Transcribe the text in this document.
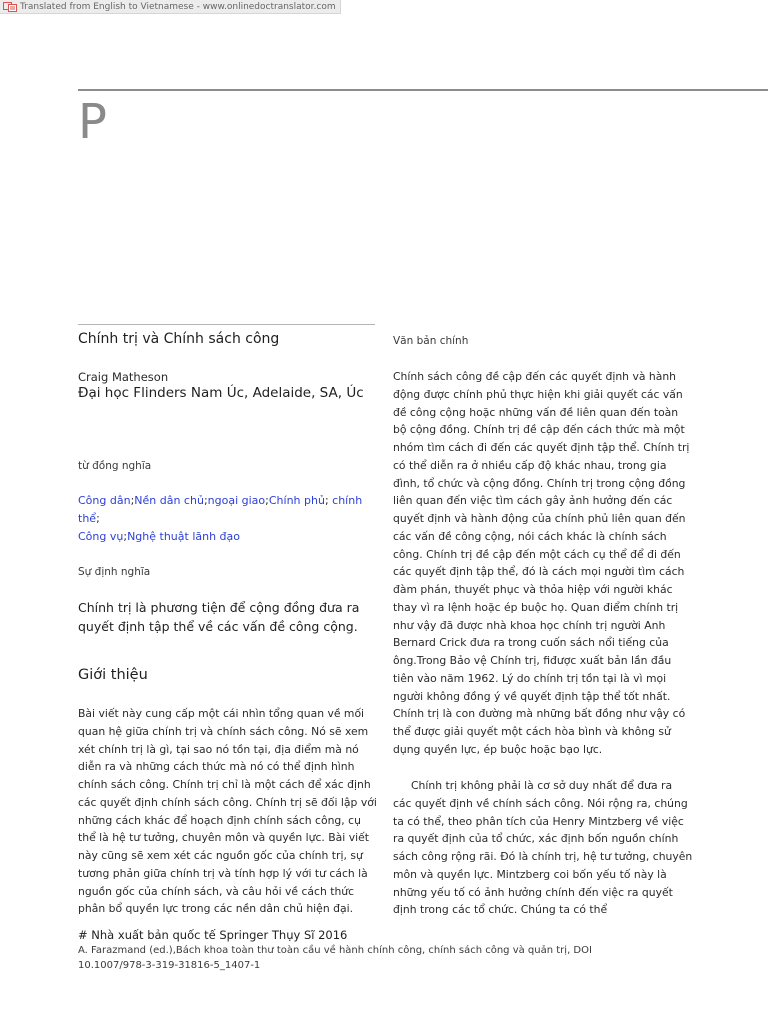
Translated from English to Vietnamese - www.onlinedoctranslator.com
P
Chính trị và Chính sách công
Craig Matheson
Đại học Flinders Nam Úc, Adelaide, SA, Úc
từ đồng nghĩa
Công dân;Nền dân chủ;ngoại giao;Chính phủ; chính thể;
Công vụ;Nghệ thuật lãnh đạo
Sự định nghĩa
Chính trị là phương tiện để cộng đồng đưa ra quyết định tập thể về các vấn đề công cộng.
Giới thiệu
Bài viết này cung cấp một cái nhìn tổng quan về mối quan hệ giữa chính trị và chính sách công. Nó sẽ xem xét chính trị là gì, tại sao nó tồn tại, địa điểm mà nó diễn ra và những cách thức mà nó có thể định hình chính sách công. Chính trị chỉ là một cách để xác định các quyết định chính sách công. Chính trị sẽ đối lập với những cách khác để hoạch định chính sách công, cụ thể là hệ tư tưởng, chuyên môn và quyền lực. Bài viết này cũng sẽ xem xét các nguồn gốc của chính trị, sự tương phản giữa chính trị và tính hợp lý với tư cách là nguồn gốc của chính sách, và câu hỏi về cách thức phân bổ quyền lực trong các nền dân chủ hiện đại.
Văn bản chính
Chính sách công đề cập đến các quyết định và hành động được chính phủ thực hiện khi giải quyết các vấn đề công cộng hoặc những vấn đề liên quan đến toàn bộ cộng đồng. Chính trị đề cập đến cách thức mà một nhóm tìm cách đi đến các quyết định tập thể. Chính trị có thể diễn ra ở nhiều cấp độ khác nhau, trong gia đình, tổ chức và cộng đồng. Chính trị trong cộng đồng liên quan đến việc tìm cách gây ảnh hưởng đến các quyết định và hành động của chính phủ liên quan đến các vấn đề công cộng, nói cách khác là chính sách công. Chính trị đề cập đến một cách cụ thể để đi đến các quyết định tập thể, đó là cách mọi người tìm cách đàm phán, thuyết phục và thỏa hiệp với người khác thay vì ra lệnh hoặc ép buộc họ. Quan điểm chính trị như vậy đã được nhà khoa học chính trị người Anh Bernard Crick đưa ra trong cuốn sách nổi tiếng của ông.Trong Bảo vệ Chính trị, fiđược xuất bản lần đầu tiên vào năm 1962. Lý do chính trị tồn tại là vì mọi người không đồng ý về quyết định tập thể tốt nhất. Chính trị là con đường mà những bất đồng như vậy có thể được giải quyết một cách hòa bình và không sử dụng quyền lực, ép buộc hoặc bạo lực.
Chính trị không phải là cơ sở duy nhất để đưa ra các quyết định về chính sách công. Nói rộng ra, chúng ta có thể, theo phân tích của Henry Mintzberg về việc ra quyết định của tổ chức, xác định bốn nguồn chính sách công rộng rãi. Đó là chính trị, hệ tư tưởng, chuyên môn và quyền lực. Mintzberg coi bốn yếu tố này là những yếu tố có ảnh hưởng chính đến việc ra quyết định trong các tổ chức. Chúng ta có thể
# Nhà xuất bản quốc tế Springer Thụy Sĩ 2016
A. Farazmand (ed.),Bách khoa toàn thư toàn cầu về hành chính công, chính sách công và quản trị, DOI 10.1007/978-3-319-31816-5_1407-1
